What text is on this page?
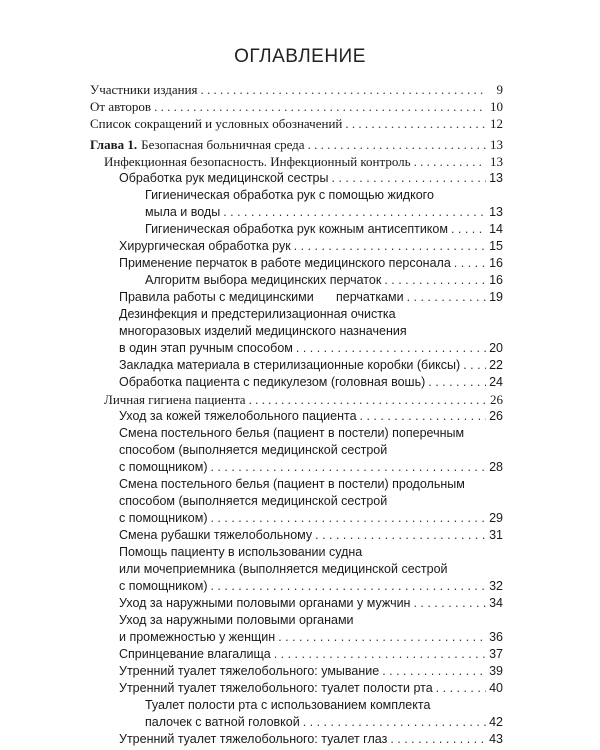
ОГЛАВЛЕНИЕ
Участники издания . . .	9
От авторов . . .	10
Список сокращений и условных обозначений . . .	12
Глава 1. Безопасная больничная среда . . .	13
Инфекционная безопасность. Инфекционный контроль . . .	13
Обработка рук медицинской сестры . . .	13
Гигиеническая обработка рук с помощью жидкого
мыла и воды . . .	13
Гигиеническая обработка рук кожным антисептиком . . .	14
Хирургическая обработка рук . . .	15
Применение перчаток в работе медицинского персонала . . .	16
Алгоритм выбора медицинских перчаток . . .	16
Правила работы с медицинскими перчатками . . .	19
Дезинфекция и предстерилизационная очистка
многоразовых изделий медицинского назначения
в один этап ручным способом . . .	20
Закладка материала в стерилизационные коробки (биксы) . . . 22
Обработка пациента с педикулезом (головная вошь) . . .	24
Личная гигиена пациента . . .	26
Уход за кожей тяжелобольного пациента . . .	26
Смена постельного белья (пациент в постели) поперечным
способом (выполняется медицинской сестрой
с помощником) . . .	28
Смена постельного белья (пациент в постели) продольным
способом (выполняется медицинской сестрой
с помощником) . . .	29
Смена рубашки тяжелобольному . . .	31
Помощь пациенту в использовании судна
или мочеприемника (выполняется медицинской сестрой
с помощником) . . .	32
Уход за наружными половыми органами у мужчин . . .	34
Уход за наружными половыми органами
и промежностью у женщин . . .	36
Спринцевание влагалища . . .	37
Утренний туалет тяжелобольного: умывание . . .	39
Утренний туалет тяжелобольного: туалет полости рта . . .	40
Туалет полости рта с использованием комплекта
палочек с ватной головкой . . .	42
Утренний туалет тяжелобольного: туалет глаз . . .	43
